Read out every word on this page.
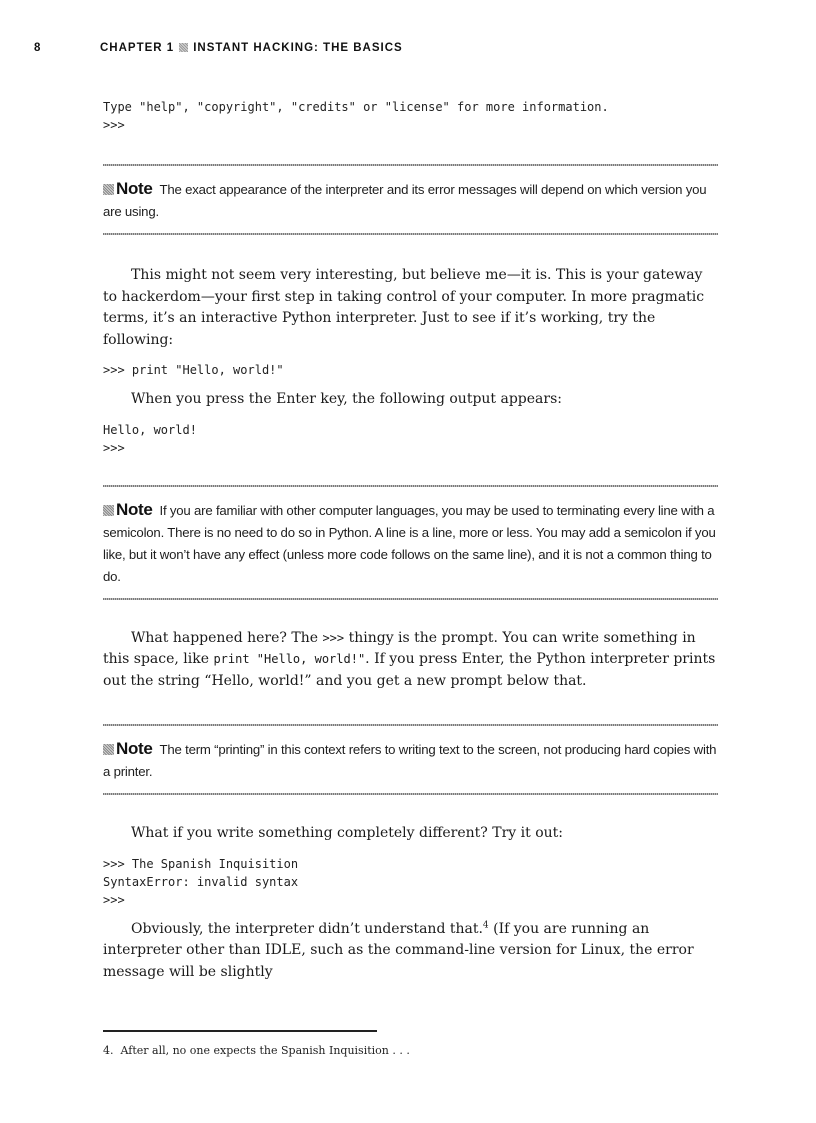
8	CHAPTER 1 INSTANT HACKING: THE BASICS
Type "help", "copyright", "credits" or "license" for more information.
>>>
Note The exact appearance of the interpreter and its error messages will depend on which version you are using.

This might not seem very interesting, but believe me—it is. This is your gateway to hackerdom—your first step in taking control of your computer. In more pragmatic terms, it’s an interactive Python interpreter. Just to see if it’s working, try the following:

>>> print "Hello, world!"

When you press the Enter key, the following output appears:

Hello, world!
>>>
Note If you are familiar with other computer languages, you may be used to terminating every line with a semicolon. There is no need to do so in Python. A line is a line, more or less. You may add a semicolon if you like, but it won’t have any effect (unless more code follows on the same line), and it is not a common thing to do.

What happened here? The >>> thingy is the prompt. You can write something in this space, like print "Hello, world!". If you press Enter, the Python interpreter prints out the string “Hello, world!” and you get a new prompt below that.

Note The term “printing” in this context refers to writing text to the screen, not producing hard copies with a printer.

What if you write something completely different? Try it out:

>>> The Spanish Inquisition
SyntaxError: invalid syntax
>>>

Obviously, the interpreter didn’t understand that.$^4$ (If you are running an interpreter other than IDLE, such as the command-line version for Linux, the error message will be slightly

4. After all, no one expects the Spanish Inquisition . . .
